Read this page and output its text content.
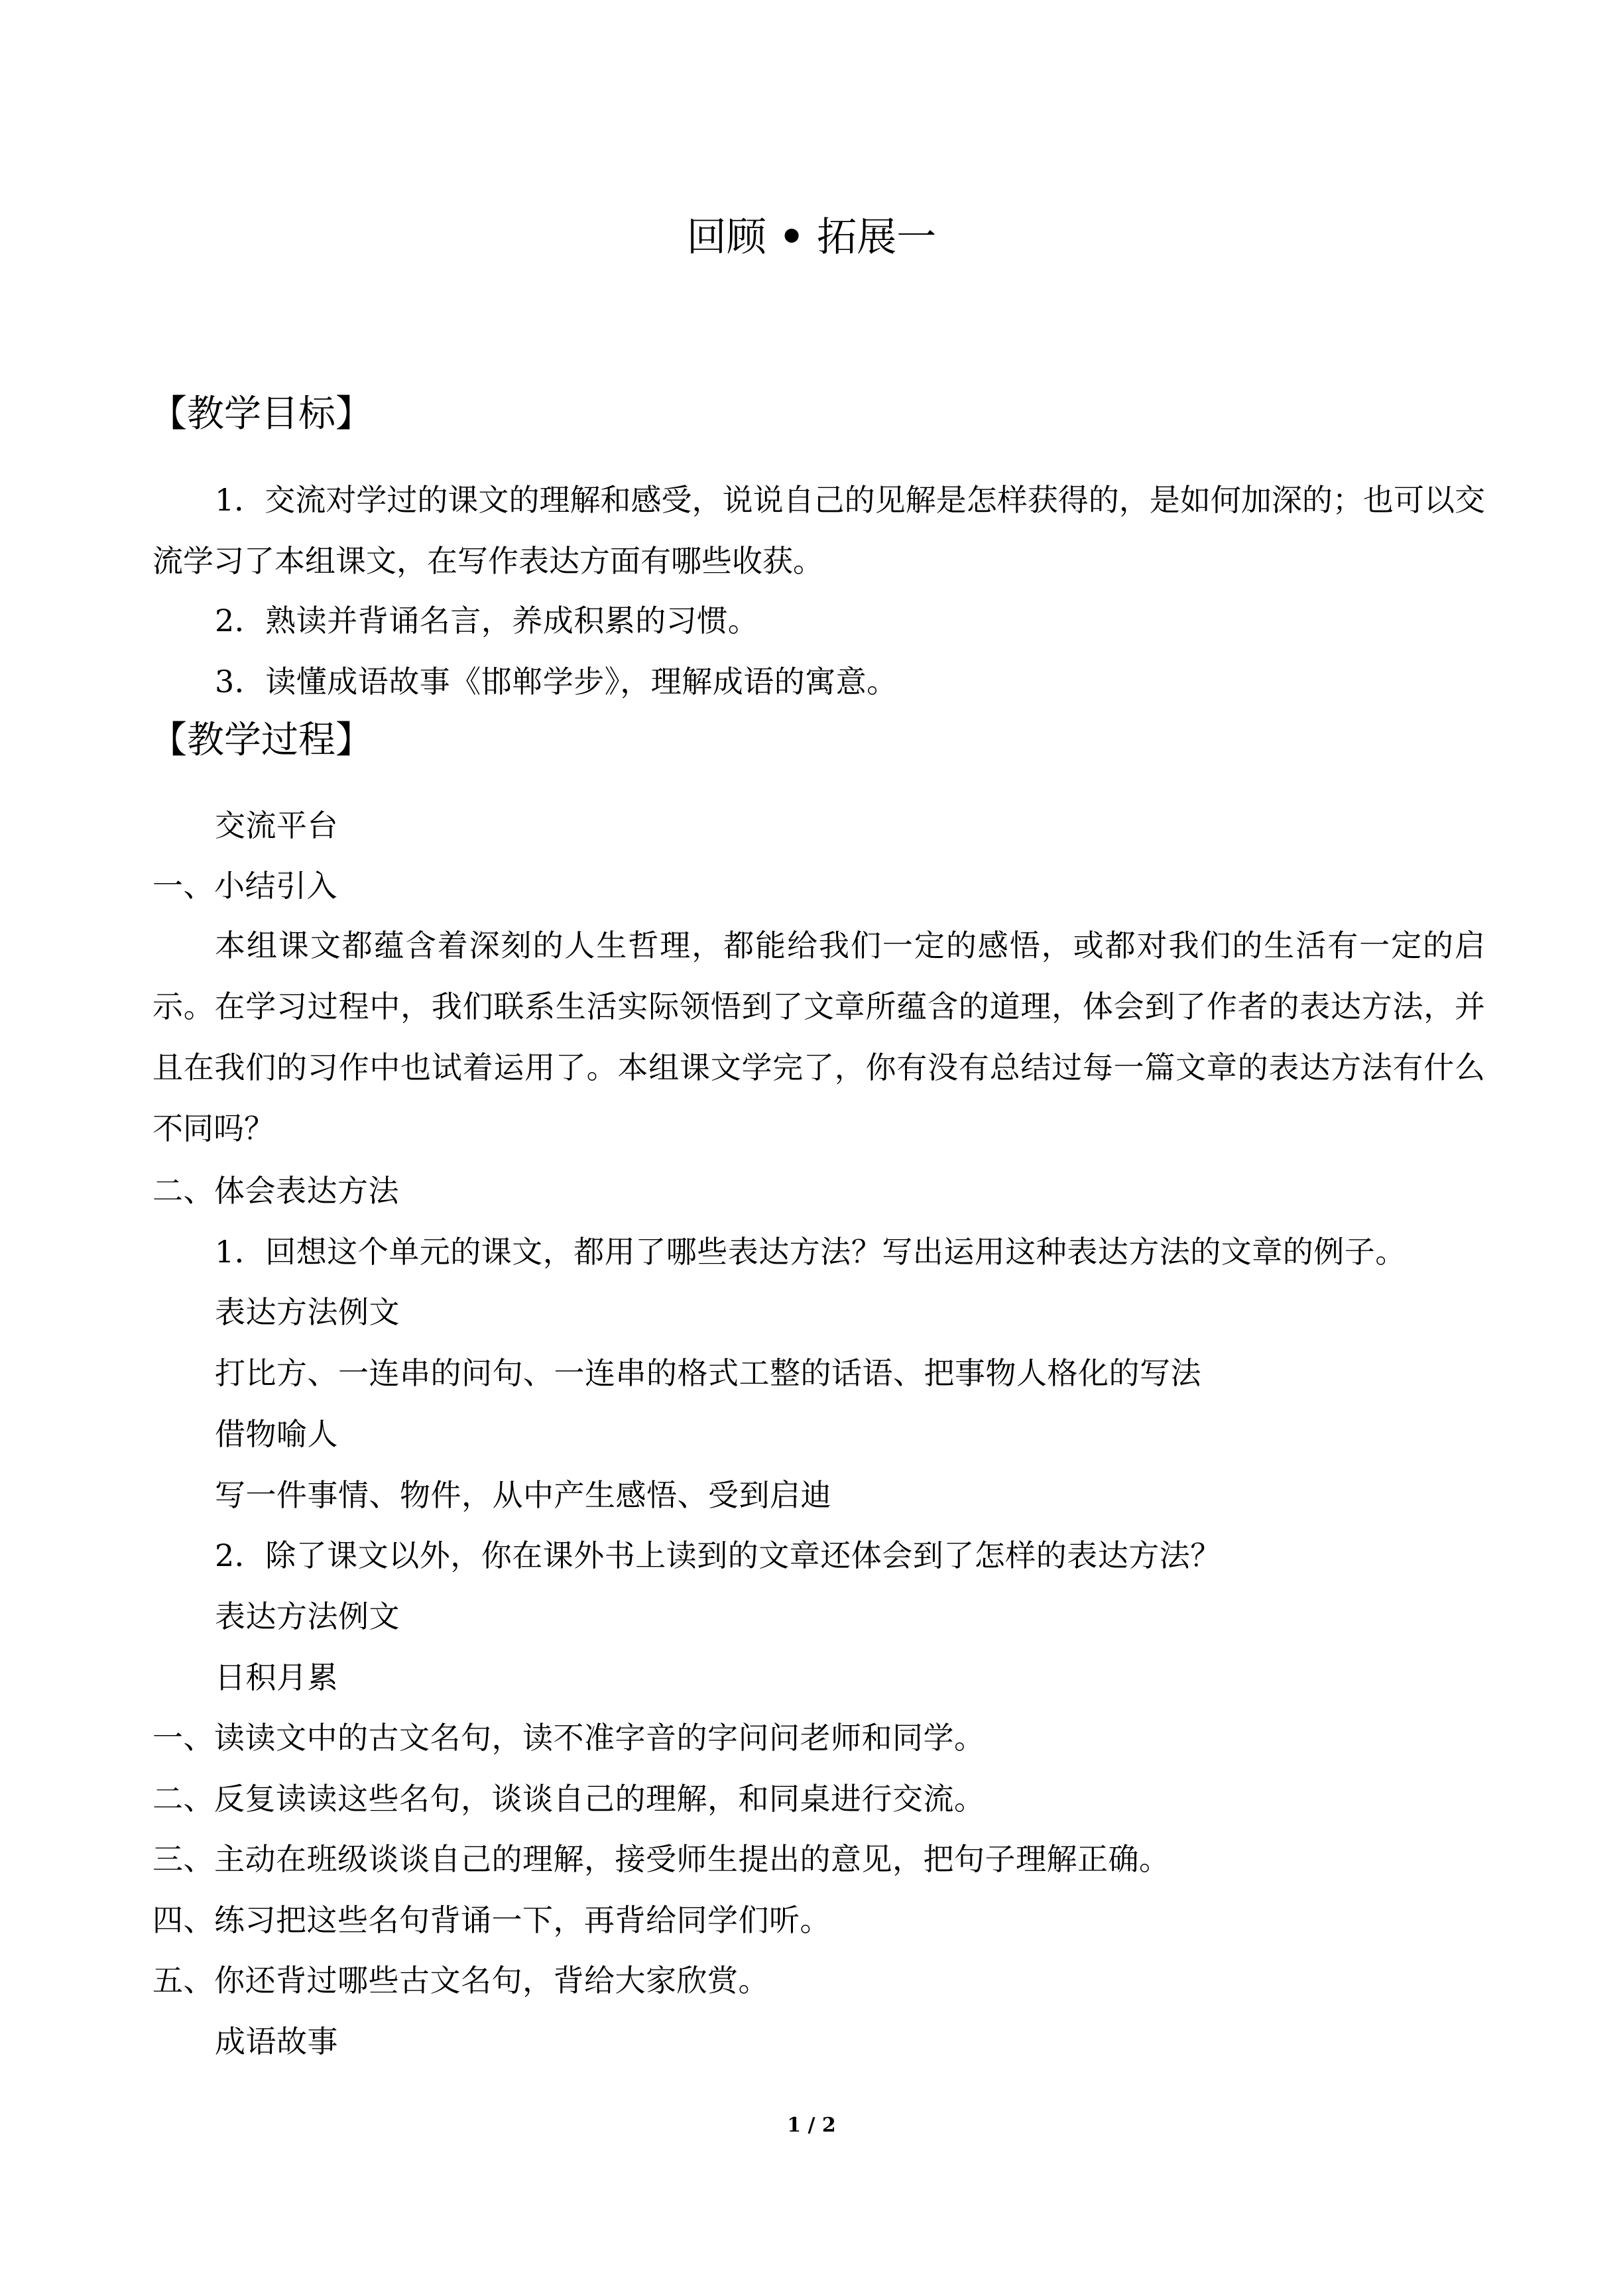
回顾 • 拓展一
【教学目标】
1．交流对学过的课文的理解和感受，说说自己的见解是怎样获得的，是如何加深的；也可以交流学习了本组课文，在写作表达方面有哪些收获。
2．熟读并背诵名言，养成积累的习惯。
3．读懂成语故事《邯郸学步》，理解成语的寓意。
【教学过程】
交流平台
一、小结引入
本组课文都蕴含着深刻的人生哲理，都能给我们一定的感悟，或都对我们的生活有一定的启示。在学习过程中，我们联系生活实际领悟到了文章所蕴含的道理，体会到了作者的表达方法，并且在我们的习作中也试着运用了。本组课文学完了，你有没有总结过每一篇文章的表达方法有什么不同吗？
二、体会表达方法
1．回想这个单元的课文，都用了哪些表达方法？写出运用这种表达方法的文章的例子。
表达方法例文
打比方、一连串的问句、一连串的格式工整的话语、把事物人格化的写法
借物喻人
写一件事情、物件，从中产生感悟、受到启迪
2．除了课文以外，你在课外书上读到的文章还体会到了怎样的表达方法？
表达方法例文
日积月累
一、读读文中的古文名句，读不准字音的字问问老师和同学。
二、反复读读这些名句，谈谈自己的理解，和同桌进行交流。
三、主动在班级谈谈自己的理解，接受师生提出的意见，把句子理解正确。
四、练习把这些名句背诵一下，再背给同学们听。
五、你还背过哪些古文名句，背给大家欣赏。
成语故事
1 / 2
